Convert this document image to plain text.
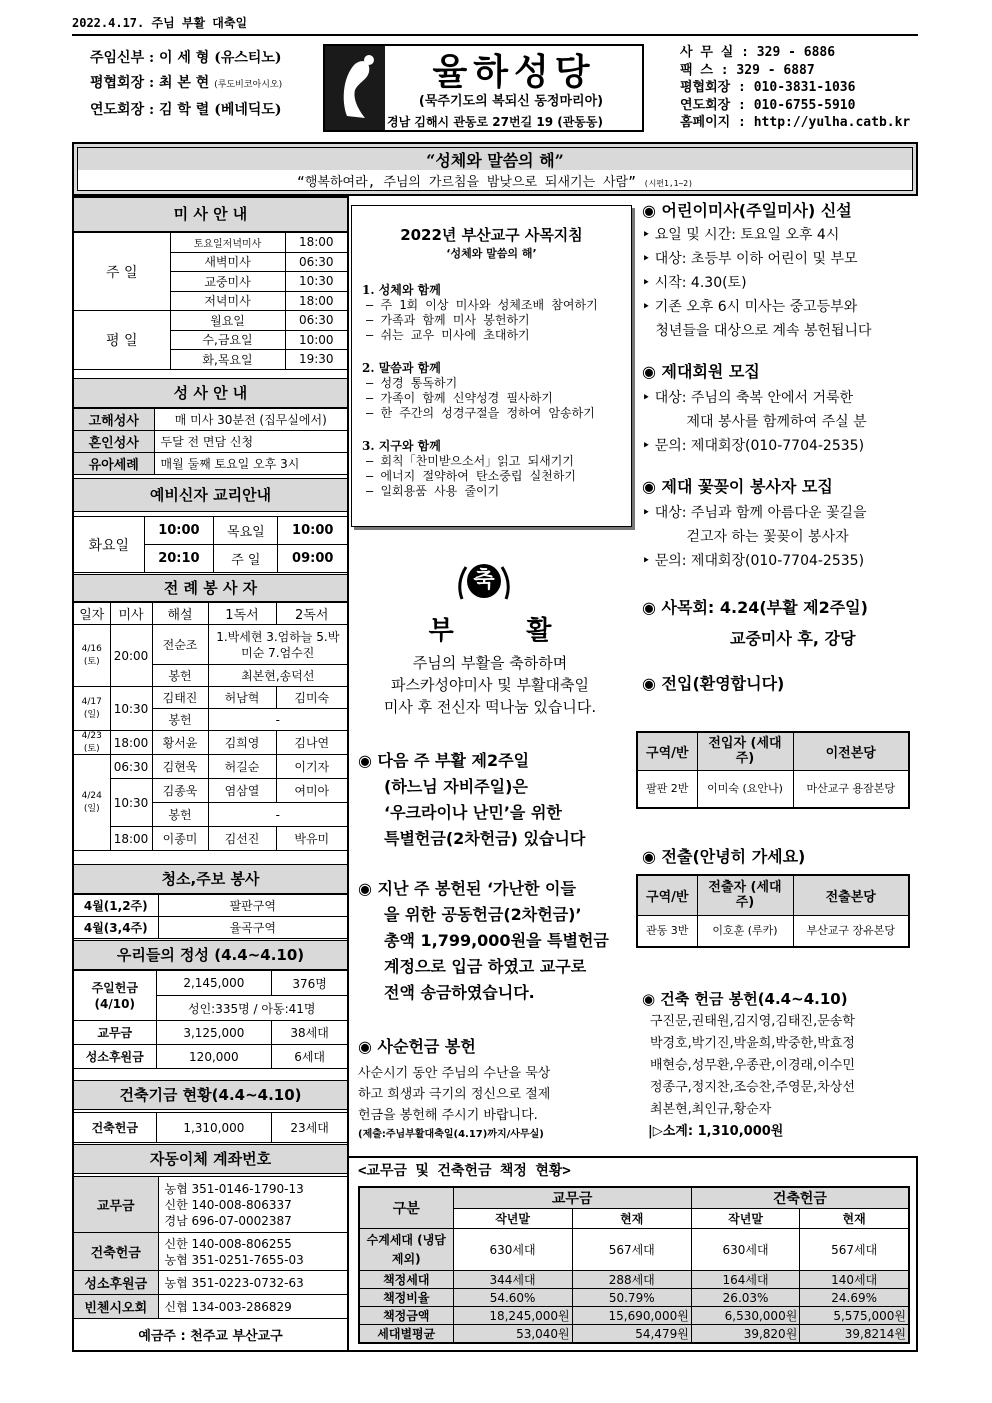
2022.4.17. 주님 부활 대축일
주임신부 : 이 세 형 (유스티노)
평협회장 : 최 본 현 (루도비코아시오)
연도회장 : 김 학 렬 (베네딕도)
율하성당
(묵주기도의 복되신 동정마리아)
경남 김해시 관동로 27번길 19 (관동동)
사 무 실 : 329 - 6886
팩 스 : 329 - 6887
평협회장 : 010-3831-1036
연도회장 : 010-6755-5910
홈페이지 : http://yulha.catb.kr
“성체와 말씀의 해”
“행복하여라, 주님의 가르침을 밤낮으로 되새기는 사람” (시편1,1~2)
미 사 안 내
주 일	토요일저녁미사	18:00
	새벽미사	06:30
	교중미사	10:30
	저녁미사	18:00
평 일	월요일	06:30
	수,금요일	10:00
	화,목요일	19:30
성 사 안 내
고해성사	매 미사 30분전 (집무실에서)
혼인성사	두달 전 면담 신청
유아세례	매월 둘째 토요일 오후 3시
예비신자 교리안내
화요일	10:00	목요일	10:00
	20:10	주 일	09:00
전 례 봉 사 자
일자	미사	해설	1독서	2독서
4/16 (토)	20:00	전순조	1.박세현 3.엄하늘 5.박미순 7.엄수진	
		봉헌	최본현,송덕선	
4/17 (일)	10:30	김태진	허남혁	김미숙
		봉헌	-	
4/23 (토)	18:00	황서윤	김희영	김나연
4/24 (일)	06:30	김현욱	허길순	이기자
	10:30	김종욱	염삼열	여미아
		봉헌	-	
	18:00	이종미	김선진	박유미
청소,주보 봉사
4월(1,2주)	팔판구역
4월(3,4주)	율곡구역
우리들의 정성 (4.4~4.10)
주일헌금 (4/10)	2,145,000	376명
	성인:335명 / 아동:41명	
교무금	3,125,000	38세대
성소후원금	120,000	6세대
건축기금 현황(4.4~4.10)
건축헌금	1,310,000	23세대
자동이체 계좌번호
교무금	농협 351-0146-1790-13
신한 140-008-806337
경남 696-07-0002387

건축헌금	신한 140-008-806255
농협 351-0251-7655-03

성소후원금	농협 351-0223-0732-63
빈첸시오회	신협 134-003-286829
예금주 : 천주교 부산교구	
2022년 부산교구 사목지침
‘성체와 말씀의 해’
1. 성체와 함께
– 주 1회 이상 미사와 성체조배 참여하기
– 가족과 함께 미사 봉헌하기
– 쉬는 교우 미사에 초대하기
2. 말씀과 함께
– 성경 통독하기
– 가족이 함께 신약성경 필사하기
– 한 주간의 성경구절을 정하여 암송하기
3. 지구와 함께
– 회칙「찬미받으소서」읽고 되새기기
– 에너지 절약하여 탄소중립 실천하기
– 일회용품 사용 줄이기
축
부        활
주님의 부활을 축하하며
파스카성야미사 및 부활대축일
미사 후 전신자 떡나눔 있습니다.
◉ 다음 주 부활 제2주일
(하느님 자비주일)은
‘우크라이나 난민’을 위한
특별헌금(2차헌금) 있습니다
◉ 지난 주 봉헌된 ‘가난한 이들
을 위한 공동헌금(2차헌금)’
총액 1,799,000원을 특별헌금
계정으로 입금 하였고 교구로
전액 송금하였습니다.
◉ 사순헌금 봉헌
사순시기 동안 주님의 수난을 묵상
하고 희생과 극기의 정신으로 절제
헌금을 봉헌해 주시기 바랍니다.
(제출:주님부활대축일(4.17)까지/사무실)
◉ 어린이미사(주일미사) 신설
‣ 요일 및 시간: 토요일 오후 4시
‣ 대상: 초등부 이하 어린이 및 부모
‣ 시작: 4.30(토)
‣ 기존 오후 6시 미사는 중고등부와
청년들을 대상으로 계속 봉헌됩니다
◉ 제대회원 모집
‣ 대상: 주님의 축복 안에서 거룩한
제대 봉사를 함께하여 주실 분
‣ 문의: 제대회장(010-7704-2535)
◉ 제대 꽃꽂이 봉사자 모집
‣ 대상: 주님과 함께 아름다운 꽃길을
걷고자 하는 꽃꽂이 봉사자
‣ 문의: 제대회장(010-7704-2535)
◉ 사목회: 4.24(부활 제2주일)
교중미사 후, 강당
◉ 전입(환영합니다)
구역/반	전입자 (세대주)	이전본당
팔판 2반	이미숙 (요안나)	마산교구 용잠본당
◉ 전출(안녕히 가세요)
구역/반	전출자 (세대주)	전출본당
관동 3반	이호훈 (루카)	부산교구 장유본당
◉ 건축 헌금 봉헌(4.4~4.10)
구진문,권태원,김지영,김태진,문송학
박경호,박기진,박윤희,박중한,박효정
배현승,성무환,우종관,이경래,이수민
정종구,정지찬,조승찬,주영문,차상선
최본현,최인규,황순자
|▷소계: 1,310,000원
<교무금 및 건축헌금 책정 현황>
구분	교무금		건축헌금	
	작년말	현재	작년말	현재
수계세대 (냉담제외)	630세대	567세대	630세대	567세대
책정세대	344세대	288세대	164세대	140세대
책정비율	54.60%	50.79%	26.03%	24.69%
책정금액	18,245,000원	15,690,000원	6,530,000원	5,575,000원
세대별평균	53,040원	54,479원	39,820원	39,8214원
